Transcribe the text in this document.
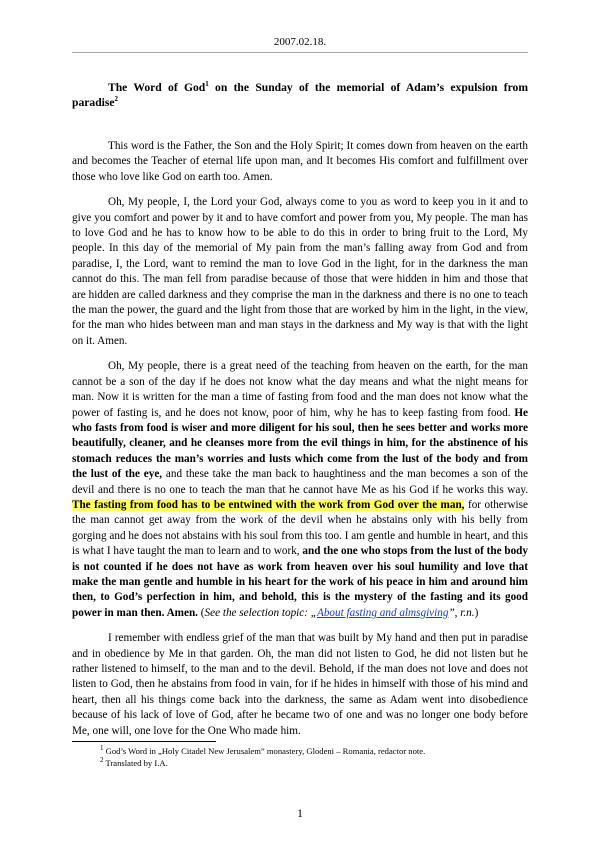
2007.02.18.

The Word of God$^1$ on the Sunday of the memorial of Adam’s expulsion from paradise$^2$

This word is the Father, the Son and the Holy Spirit; It comes down from heaven on the earth and becomes the Teacher of eternal life upon man, and It becomes His comfort and fulfillment over those who love like God on earth too. Amen.

Oh, My people, I, the Lord your God, always come to you as word to keep you in it and to give you comfort and power by it and to have comfort and power from you, My people. The man has to love God and he has to know how to be able to do this in order to bring fruit to the Lord, My people. In this day of the memorial of My pain from the man’s falling away from God and from paradise, I, the Lord, want to remind the man to love God in the light, for in the darkness the man cannot do this. The man fell from paradise because of those that were hidden in him and those that are hidden are called darkness and they comprise the man in the darkness and there is no one to teach the man the power, the guard and the light from those that are worked by him in the light, in the view, for the man who hides between man and man stays in the darkness and My way is that with the light on it. Amen.

Oh, My people, there is a great need of the teaching from heaven on the earth, for the man cannot be a son of the day if he does not know what the day means and what the night means for man. Now it is written for the man a time of fasting from food and the man does not know what the power of fasting is, and he does not know, poor of him, why he has to keep fasting from food. He who fasts from food is wiser and more diligent for his soul, then he sees better and works more beautifully, cleaner, and he cleanses more from the evil things in him, for the abstinence of his stomach reduces the man’s worries and lusts which come from the lust of the body and from the lust of the eye, and these take the man back to haughtiness and the man becomes a son of the devil and there is no one to teach the man that he cannot have Me as his God if he works this way. The fasting from food has to be entwined with the work from God over the man, for otherwise the man cannot get away from the work of the devil when he abstains only with his belly from gorging and he does not abstains with his soul from this too. I am gentle and humble in heart, and this is what I have taught the man to learn and to work, and the one who stops from the lust of the body is not counted if he does not have as work from heaven over his soul humility and love that make the man gentle and humble in his heart for the work of his peace in him and around him then, to God’s perfection in him, and behold, this is the mystery of the fasting and its good power in man then. Amen. (See the selection topic: „About fasting and almsgiving”, r.n.)

I remember with endless grief of the man that was built by My hand and then put in paradise and in obedience by Me in that garden. Oh, the man did not listen to God, he did not listen but he rather listened to himself, to the man and to the devil. Behold, if the man does not love and does not listen to God, then he abstains from food in vain, for if he hides in himself with those of his mind and heart, then all his things come back into the darkness, the same as Adam went into disobedience because of his lack of love of God, after he became two of one and was no longer one body before Me, one will, one love for the One Who made him.

$^1$ God’s Word in „Holy Citadel New Jerusalem” monastery, Glodeni – Romania, redactor note.
$^2$ Translated by I.A.
1
